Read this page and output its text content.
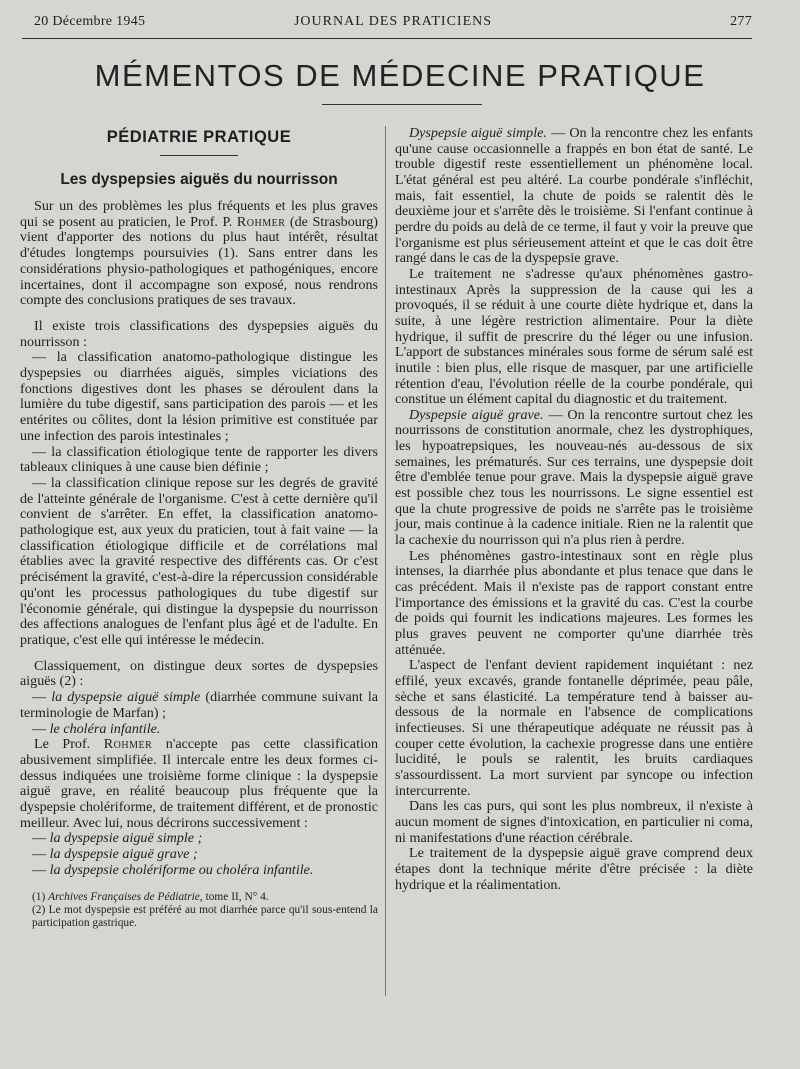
20 Décembre 1945	JOURNAL DES PRATICIENS	277
MÉMENTOS DE MÉDECINE PRATIQUE
PÉDIATRIE PRATIQUE
Les dyspepsies aiguës du nourrisson

Sur un des problèmes les plus fréquents et les plus graves qui se posent au praticien, le Prof. P. Rohmer (de Strasbourg) vient d'apporter des notions du plus haut intérêt, résultat d'études longtemps poursuivies (1). Sans entrer dans les considérations physio-pathologiques et pathogéniques, encore incertaines, dont il accompagne son exposé, nous rendrons compte des conclusions pratiques de ses travaux.

Il existe trois classifications des dyspepsies aiguës du nourrisson :

— la classification anatomo-pathologique distingue les dyspepsies ou diarrhées aiguës, simples viciations des fonctions digestives dont les phases se déroulent dans la lumière du tube digestif, sans participation des parois — et les entérites ou côlites, dont la lésion primitive est constituée par une infection des parois intestinales ;

— la classification étiologique tente de rapporter les divers tableaux cliniques à une cause bien définie ;

— la classification clinique repose sur les degrés de gravité de l'atteinte générale de l'organisme. C'est à cette dernière qu'il convient de s'arrêter. En effet, la classification anatomo-pathologique est, aux yeux du praticien, tout à fait vaine — la classification étiologique difficile et de corrélations mal établies avec la gravité respective des différents cas. Or c'est précisément la gravité, c'est-à-dire la répercussion considérable qu'ont les processus pathologiques du tube digestif sur l'économie générale, qui distingue la dyspepsie du nourrisson des affections analogues de l'enfant plus âgé et de l'adulte. En pratique, c'est elle qui intéresse le médecin.

Classiquement, on distingue deux sortes de dyspepsies aiguës (2) :

— la dyspepsie aiguë simple (diarrhée commune suivant la terminologie de Marfan) ;

— le choléra infantile.

Le Prof. Rohmer n'accepte pas cette classification abusivement simplifiée. Il intercale entre les deux formes ci-dessus indiquées une troisième forme clinique : la dyspepsie aiguë grave, en réalité beaucoup plus fréquente que la dyspepsie cholériforme, de traitement différent, et de pronostic meilleur. Avec lui, nous décrirons successivement :

— la dyspepsie aiguë simple ;

— la dyspepsie aiguë grave ;

— la dyspepsie cholériforme ou choléra infantile.

(1) Archives Françaises de Pédiatrie, tome II, N° 4.

(2) Le mot dyspepsie est préféré au mot diarrhée parce qu'il sous-entend la participation gastrique.

Dyspepsie aiguë simple. — On la rencontre chez les enfants qu'une cause occasionnelle a frappés en bon état de santé. Le trouble digestif reste essentiellement un phénomène local. L'état général est peu altéré. La courbe pondérale s'infléchit, mais, fait essentiel, la chute de poids se ralentit dès le deuxième jour et s'arrête dès le troisième. Si l'enfant continue à perdre du poids au delà de ce terme, il faut y voir la preuve que l'organisme est plus sérieusement atteint et que le cas doit être rangé dans le cas de la dyspepsie grave.

Le traitement ne s'adresse qu'aux phénomènes gastro-intestinaux Après la suppression de la cause qui les a provoqués, il se réduit à une courte diète hydrique et, dans la suite, à une légère restriction alimentaire. Pour la diète hydrique, il suffit de prescrire du thé léger ou une infusion. L'apport de substances minérales sous forme de sérum salé est inutile : bien plus, elle risque de masquer, par une artificielle rétention d'eau, l'évolution réelle de la courbe pondérale, qui constitue un élément capital du diagnostic et du traitement.

Dyspepsie aiguë grave. — On la rencontre surtout chez les nourrissons de constitution anormale, chez les dystrophiques, les hypoatrepsiques, les nouveau-nés au-dessous de six semaines, les prématurés. Sur ces terrains, une dyspepsie doit être d'emblée tenue pour grave. Mais la dyspepsie aiguë grave est possible chez tous les nourrissons. Le signe essentiel est que la chute progressive de poids ne s'arrête pas le troisième jour, mais continue à la cadence initiale. Rien ne la ralentit que la cachexie du nourrisson qui n'a plus rien à perdre.

Les phénomènes gastro-intestinaux sont en règle plus intenses, la diarrhée plus abondante et plus tenace que dans le cas précédent. Mais il n'existe pas de rapport constant entre l'importance des émissions et la gravité du cas. C'est la courbe de poids qui fournit les indications majeures. Les formes les plus graves peuvent ne comporter qu'une diarrhée très atténuée.

L'aspect de l'enfant devient rapidement inquiétant : nez effilé, yeux excavés, grande fontanelle déprimée, peau pâle, sèche et sans élasticité. La température tend à baisser au-dessous de la normale en l'absence de complications infectieuses. Si une thérapeutique adéquate ne réussit pas à couper cette évolution, la cachexie progresse dans une entière lucidité, le pouls se ralentit, les bruits cardiaques s'assourdissent. La mort survient par syncope ou infection intercurrente.

Dans les cas purs, qui sont les plus nombreux, il n'existe à aucun moment de signes d'intoxication, en particulier ni coma, ni manifestations d'une réaction cérébrale.

Le traitement de la dyspepsie aiguë grave comprend deux étapes dont la technique mérite d'être précisée : la diète hydrique et la réalimentation.
